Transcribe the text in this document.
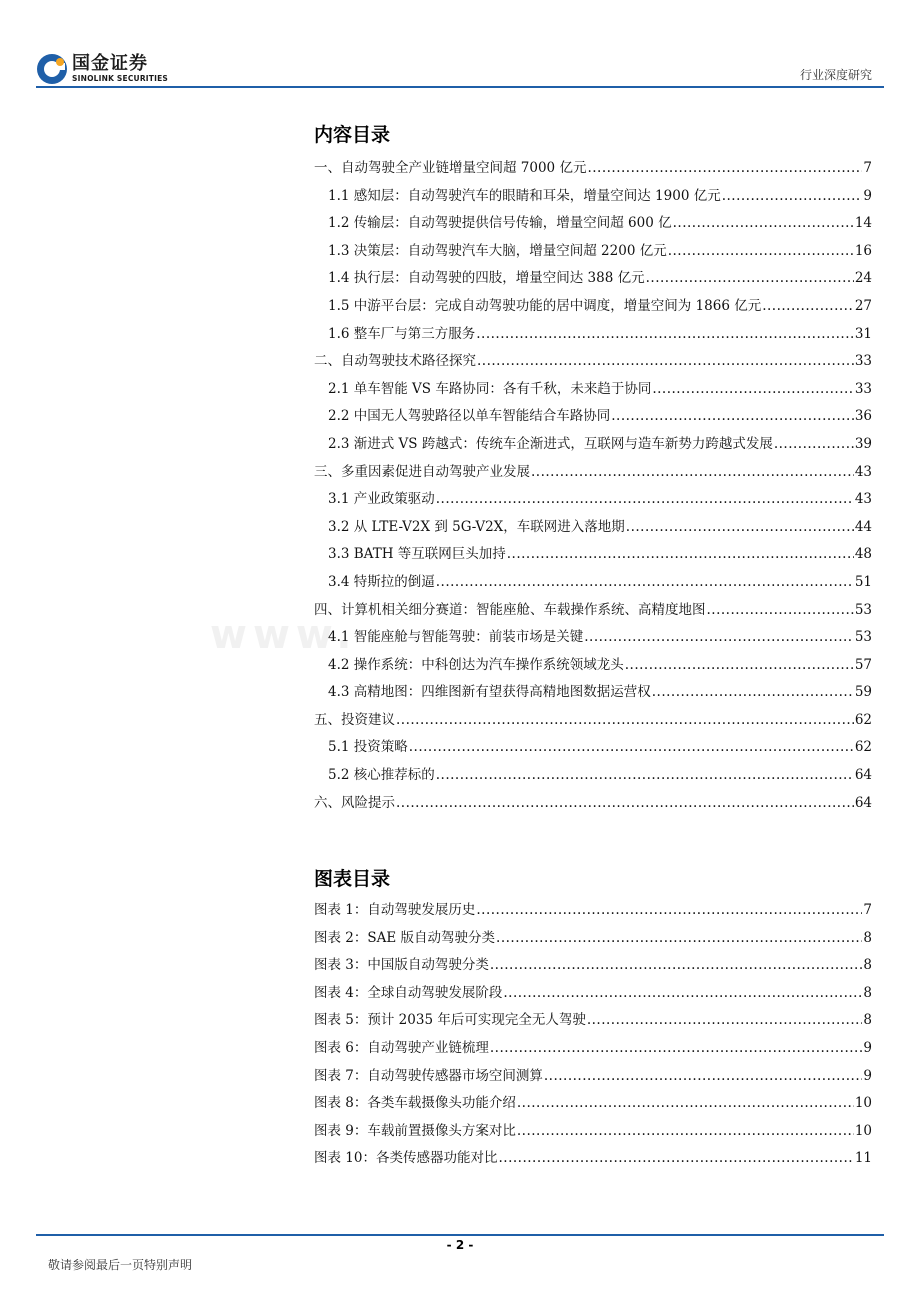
国金证券
SINOLINK SECURITIES	行业深度研究
www.
内容目录
一、自动驾驶全产业链增量空间超 7000 亿元 .....	7
1.1 感知层：自动驾驶汽车的眼睛和耳朵，增量空间达 1900 亿元 .....	9
1.2 传输层：自动驾驶提供信号传输，增量空间超 600 亿 .....	14
1.3 决策层：自动驾驶汽车大脑，增量空间超 2200 亿元 .....	16
1.4 执行层：自动驾驶的四肢，增量空间达 388 亿元 .....	24
1.5 中游平台层：完成自动驾驶功能的居中调度，增量空间为 1866 亿元 .....	27
1.6 整车厂与第三方服务 .....	31
二、自动驾驶技术路径探究 .....	33
2.1 单车智能 VS 车路协同：各有千秋，未来趋于协同 .....	33
2.2 中国无人驾驶路径以单车智能结合车路协同 .....	36
2.3 渐进式 VS 跨越式：传统车企渐进式，互联网与造车新势力跨越式发展 .....	39
三、多重因素促进自动驾驶产业发展 .....	43
3.1 产业政策驱动 .....	43
3.2 从 LTE-V2X 到 5G-V2X，车联网进入落地期 .....	44
3.3 BATH 等互联网巨头加持 .....	48
3.4 特斯拉的倒逼 .....	51
四、计算机相关细分赛道：智能座舱、车载操作系统、高精度地图 .....	53
4.1 智能座舱与智能驾驶：前装市场是关键 .....	53
4.2 操作系统：中科创达为汽车操作系统领域龙头 .....	57
4.3 高精地图：四维图新有望获得高精地图数据运营权 .....	59
五、投资建议 .....	62
5.1 投资策略 .....	62
5.2 核心推荐标的 .....	64
六、风险提示 .....	64
图表目录
图表 1：自动驾驶发展历史 .....	7
图表 2：SAE 版自动驾驶分类 .....	8
图表 3：中国版自动驾驶分类 .....	8
图表 4：全球自动驾驶发展阶段 .....	8
图表 5：预计 2035 年后可实现完全无人驾驶 .....	8
图表 6：自动驾驶产业链梳理 .....	9
图表 7：自动驾驶传感器市场空间测算 .....	9
图表 8：各类车载摄像头功能介绍 .....	10
图表 9：车载前置摄像头方案对比 .....	10
图表 10：各类传感器功能对比 .....	11
- 2 -
敬请参阅最后一页特别声明
